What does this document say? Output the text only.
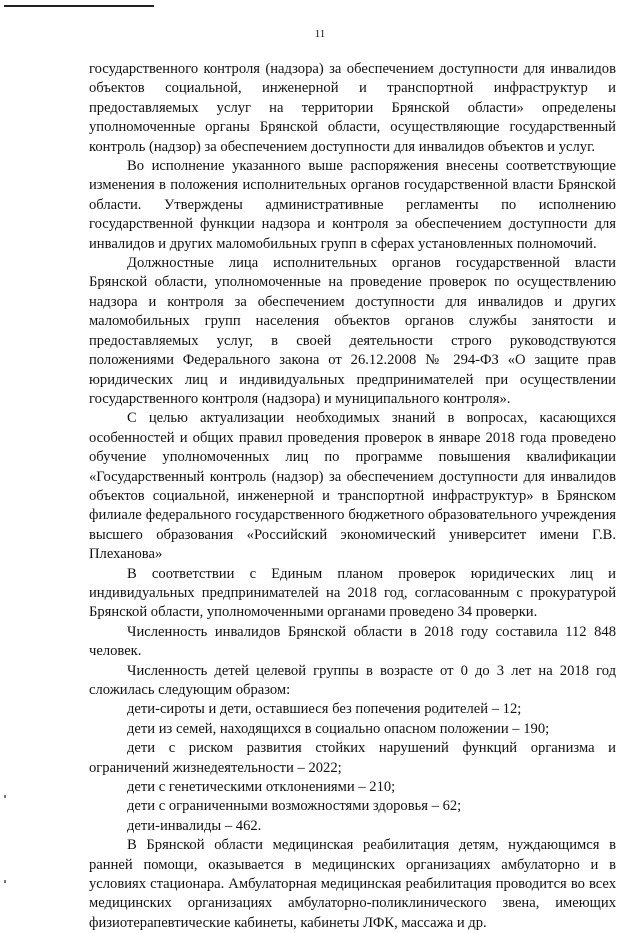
11

государственного контроля (надзора) за обеспечением доступности для инвалидов объектов социальной, инженерной и транспортной инфраструктур и предоставляемых услуг на территории Брянской области» определены уполномоченные органы Брянской области, осуществляющие государственный контроль (надзор) за обеспечением доступности для инвалидов объектов и услуг.

Во исполнение указанного выше распоряжения внесены соответствующие изменения в положения исполнительных органов государственной власти Брянской области. Утверждены административные регламенты по исполнению государственной функции надзора и контроля за обеспечением доступности для инвалидов и других маломобильных групп в сферах установленных полномочий.

Должностные лица исполнительных органов государственной власти Брянской области, уполномоченные на проведение проверок по осуществлению надзора и контроля за обеспечением доступности для инвалидов и других маломобильных групп населения объектов органов службы занятости и предоставляемых услуг, в своей деятельности строго руководствуются положениями Федерального закона от 26.12.2008 № 294-ФЗ «О защите прав юридических лиц и индивидуальных предпринимателей при осуществлении государственного контроля (надзора) и муниципального контроля».

С целью актуализации необходимых знаний в вопросах, касающихся особенностей и общих правил проведения проверок в январе 2018 года проведено обучение уполномоченных лиц по программе повышения квалификации «Государственный контроль (надзор) за обеспечением доступности для инвалидов объектов социальной, инженерной и транспортной инфраструктур» в Брянском филиале федерального государственного бюджетного образовательного учреждения высшего образования «Российский экономический университет имени Г.В. Плеханова»

В соответствии с Единым планом проверок юридических лиц и индивидуальных предпринимателей на 2018 год, согласованным с прокуратурой Брянской области, уполномоченными органами проведено 34 проверки.

Численность инвалидов Брянской области в 2018 году составила 112 848 человек.

Численность детей целевой группы в возрасте от 0 до 3 лет на 2018 год сложилась следующим образом:

дети-сироты и дети, оставшиеся без попечения родителей – 12;

дети из семей, находящихся в социально опасном положении – 190;

дети с риском развития стойких нарушений функций организма и ограничений жизнедеятельности – 2022;

дети с генетическими отклонениями – 210;

дети с ограниченными возможностями здоровья – 62;

дети-инвалиды – 462.

В Брянской области медицинская реабилитация детям, нуждающимся в ранней помощи, оказывается в медицинских организациях амбулаторно и в условиях стационара. Амбулаторная медицинская реабилитация проводится во всех медицинских организациях амбулаторно-поликлинического звена, имеющих физиотерапевтические кабинеты, кабинеты ЛФК, массажа и др.
